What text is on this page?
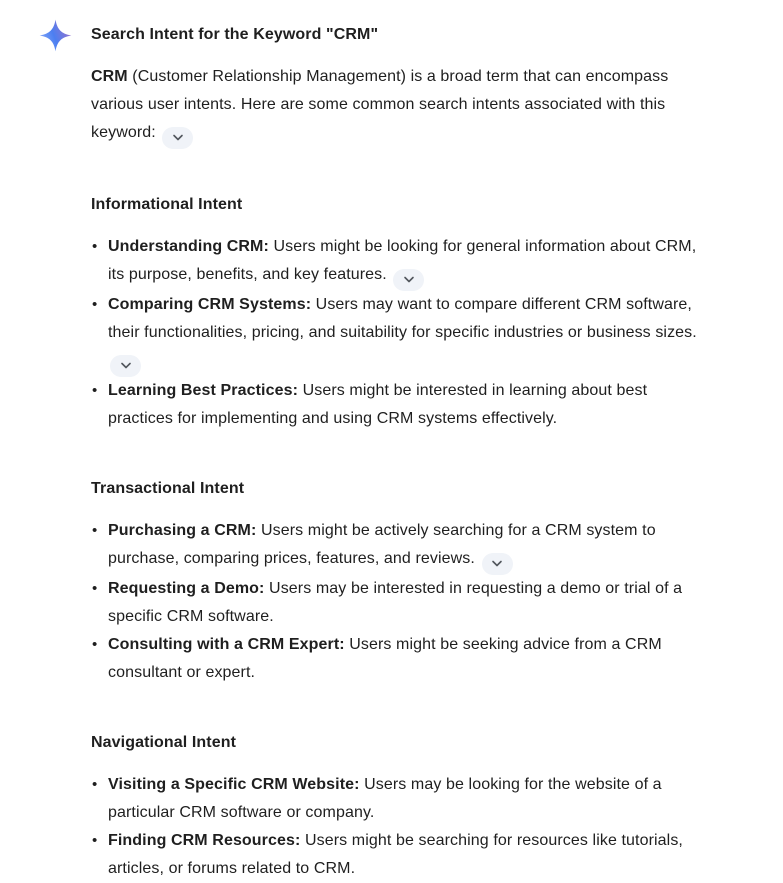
Search Intent for the Keyword "CRM"

CRM (Customer Relationship Management) is a broad term that can encompass various user intents. Here are some common search intents associated with this keyword:

Informational Intent
• Understanding CRM: Users might be looking for general information about CRM, its purpose, benefits, and key features.
• Comparing CRM Systems: Users may want to compare different CRM software, their functionalities, pricing, and suitability for specific industries or business sizes.
• Learning Best Practices: Users might be interested in learning about best practices for implementing and using CRM systems effectively.
Transactional Intent
• Purchasing a CRM: Users might be actively searching for a CRM system to purchase, comparing prices, features, and reviews.
• Requesting a Demo: Users may be interested in requesting a demo or trial of a specific CRM software.
• Consulting with a CRM Expert: Users might be seeking advice from a CRM consultant or expert.
Navigational Intent
• Visiting a Specific CRM Website: Users may be looking for the website of a particular CRM software or company.
• Finding CRM Resources: Users might be searching for resources like tutorials, articles, or forums related to CRM.
